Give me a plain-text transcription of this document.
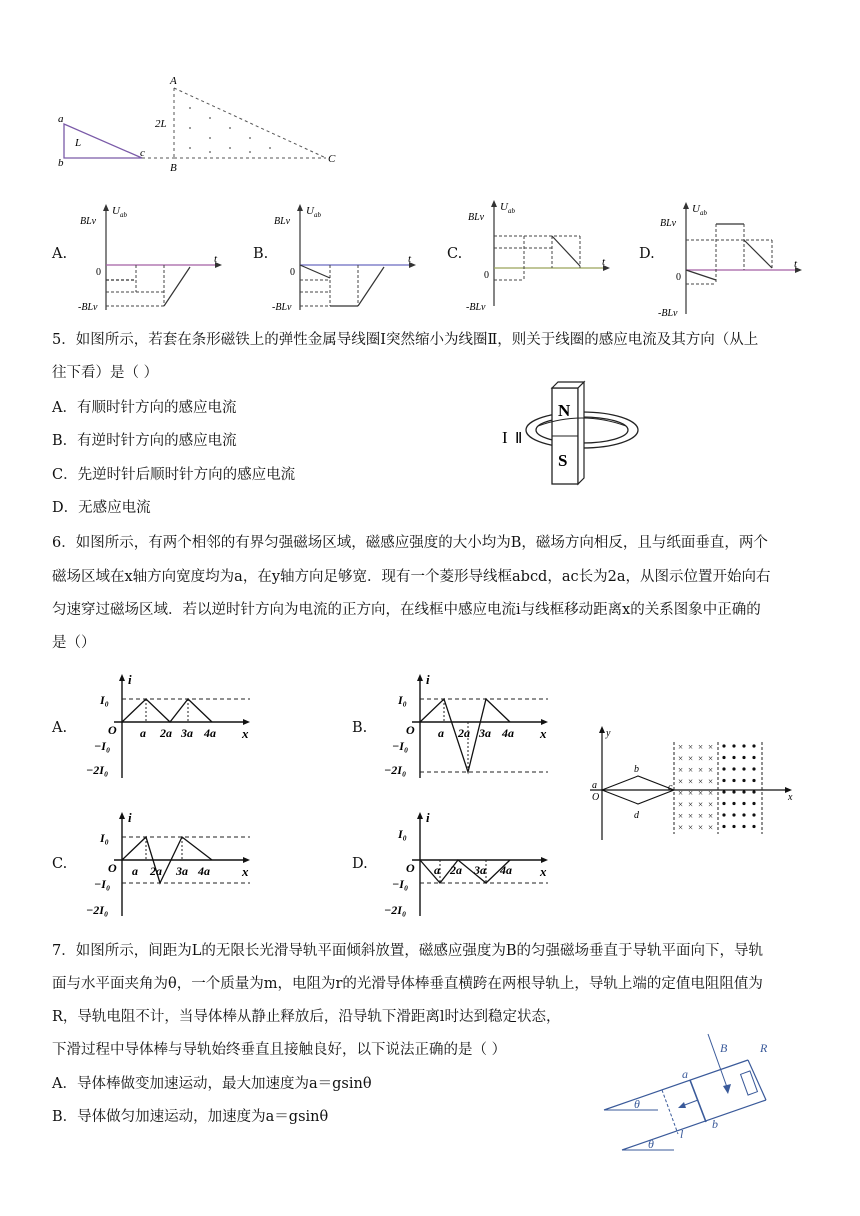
a
b
c
L
A
B
C
2L
A.
U ab
t
0
BLv
-BLv
B.
U ab
t
0
BLv
-BLv
C.
U ab
t
0
BLv
-BLv
D.
U ab
t
0
BLv
-BLv
5．如图所示，若套在条形磁铁上的弹性金属导线圈Ⅰ突然缩小为线圈Ⅱ，则关于线圈的感应电流及其方向（从上
往下看）是（ ）
A．有顺时针方向的感应电流
B．有逆时针方向的感应电流
C．先逆时针后顺时针方向的感应电流
D．无感应电流
N
S
I Ⅱ
6．如图所示，有两个相邻的有界匀强磁场区域，磁感应强度的大小均为B，磁场方向相反，且与纸面垂直，两个
磁场区域在x轴方向宽度均为a，在y轴方向足够宽．现有一个菱形导线框abcd，ac长为2a，从图示位置开始向右
匀速穿过磁场区域．若以逆时针方向为电流的正方向，在线框中感应电流i与线框移动距离x的关系图象中正确的
是（）
A.
i
x
O
I₀
−I₀
−2I₀
a 2a 3a 4a	B.
i
x
O
I₀
−I₀
−2I₀
a 2a 3a 4a	y
x
O
a
b
d
c
× × × ×
× × × ×
× × × ×
× × × ×
× × × ×
× × × ×
× × × ×
× × × ×
C.
i
x
O
I₀
−I₀
−2I₀
a 2a 3a 4a	D.
i
x
O
I₀
−I₀
−2I₀
a 2a 3a 4a
7．如图所示，间距为L的无限长光滑导轨平面倾斜放置，磁感应强度为B的匀强磁场垂直于导轨平面向下，导轨
面与水平面夹角为θ，一个质量为m，电阻为r的光滑导体棒垂直横跨在两根导轨上，导轨上端的定值电阻阻值为
R，导轨电阻不计，当导体棒从静止释放后，沿导轨下滑距离l时达到稳定状态，
下滑过程中导体棒与导轨始终垂直且接触良好，以下说法正确的是（ ）
A．导体棒做变加速运动，最大加速度为a＝gsinθ
B．导体做匀加速运动，加速度为a＝gsinθ
B	R
a
b
l
θ
θ
